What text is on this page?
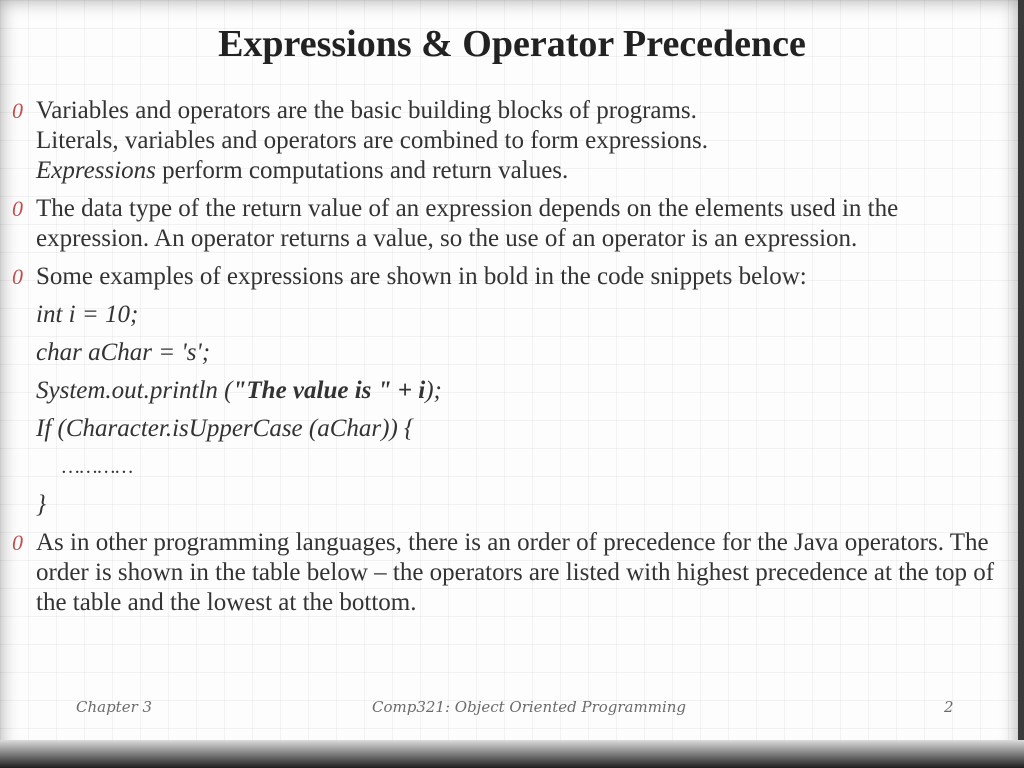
Expressions & Operator Precedence
0 Variables and operators are the basic building blocks of programs.
Literals, variables and operators are combined to form expressions.
Expressions perform computations and return values.
0 The data type of the return value of an expression depends on the elements used in the expression. An operator returns a value, so the use of an operator is an expression.
0 Some examples of expressions are shown in bold in the code snippets below:
int i = 10;
char aChar = 's';
System.out.println ("The value is " + i);
If (Character.isUpperCase (aChar)) {
…………
}
0 As in other programming languages, there is an order of precedence for the Java operators. The order is shown in the table below – the operators are listed with highest precedence at the top of the table and the lowest at the bottom.
Chapter 3	Comp321: Object Oriented Programming	2
